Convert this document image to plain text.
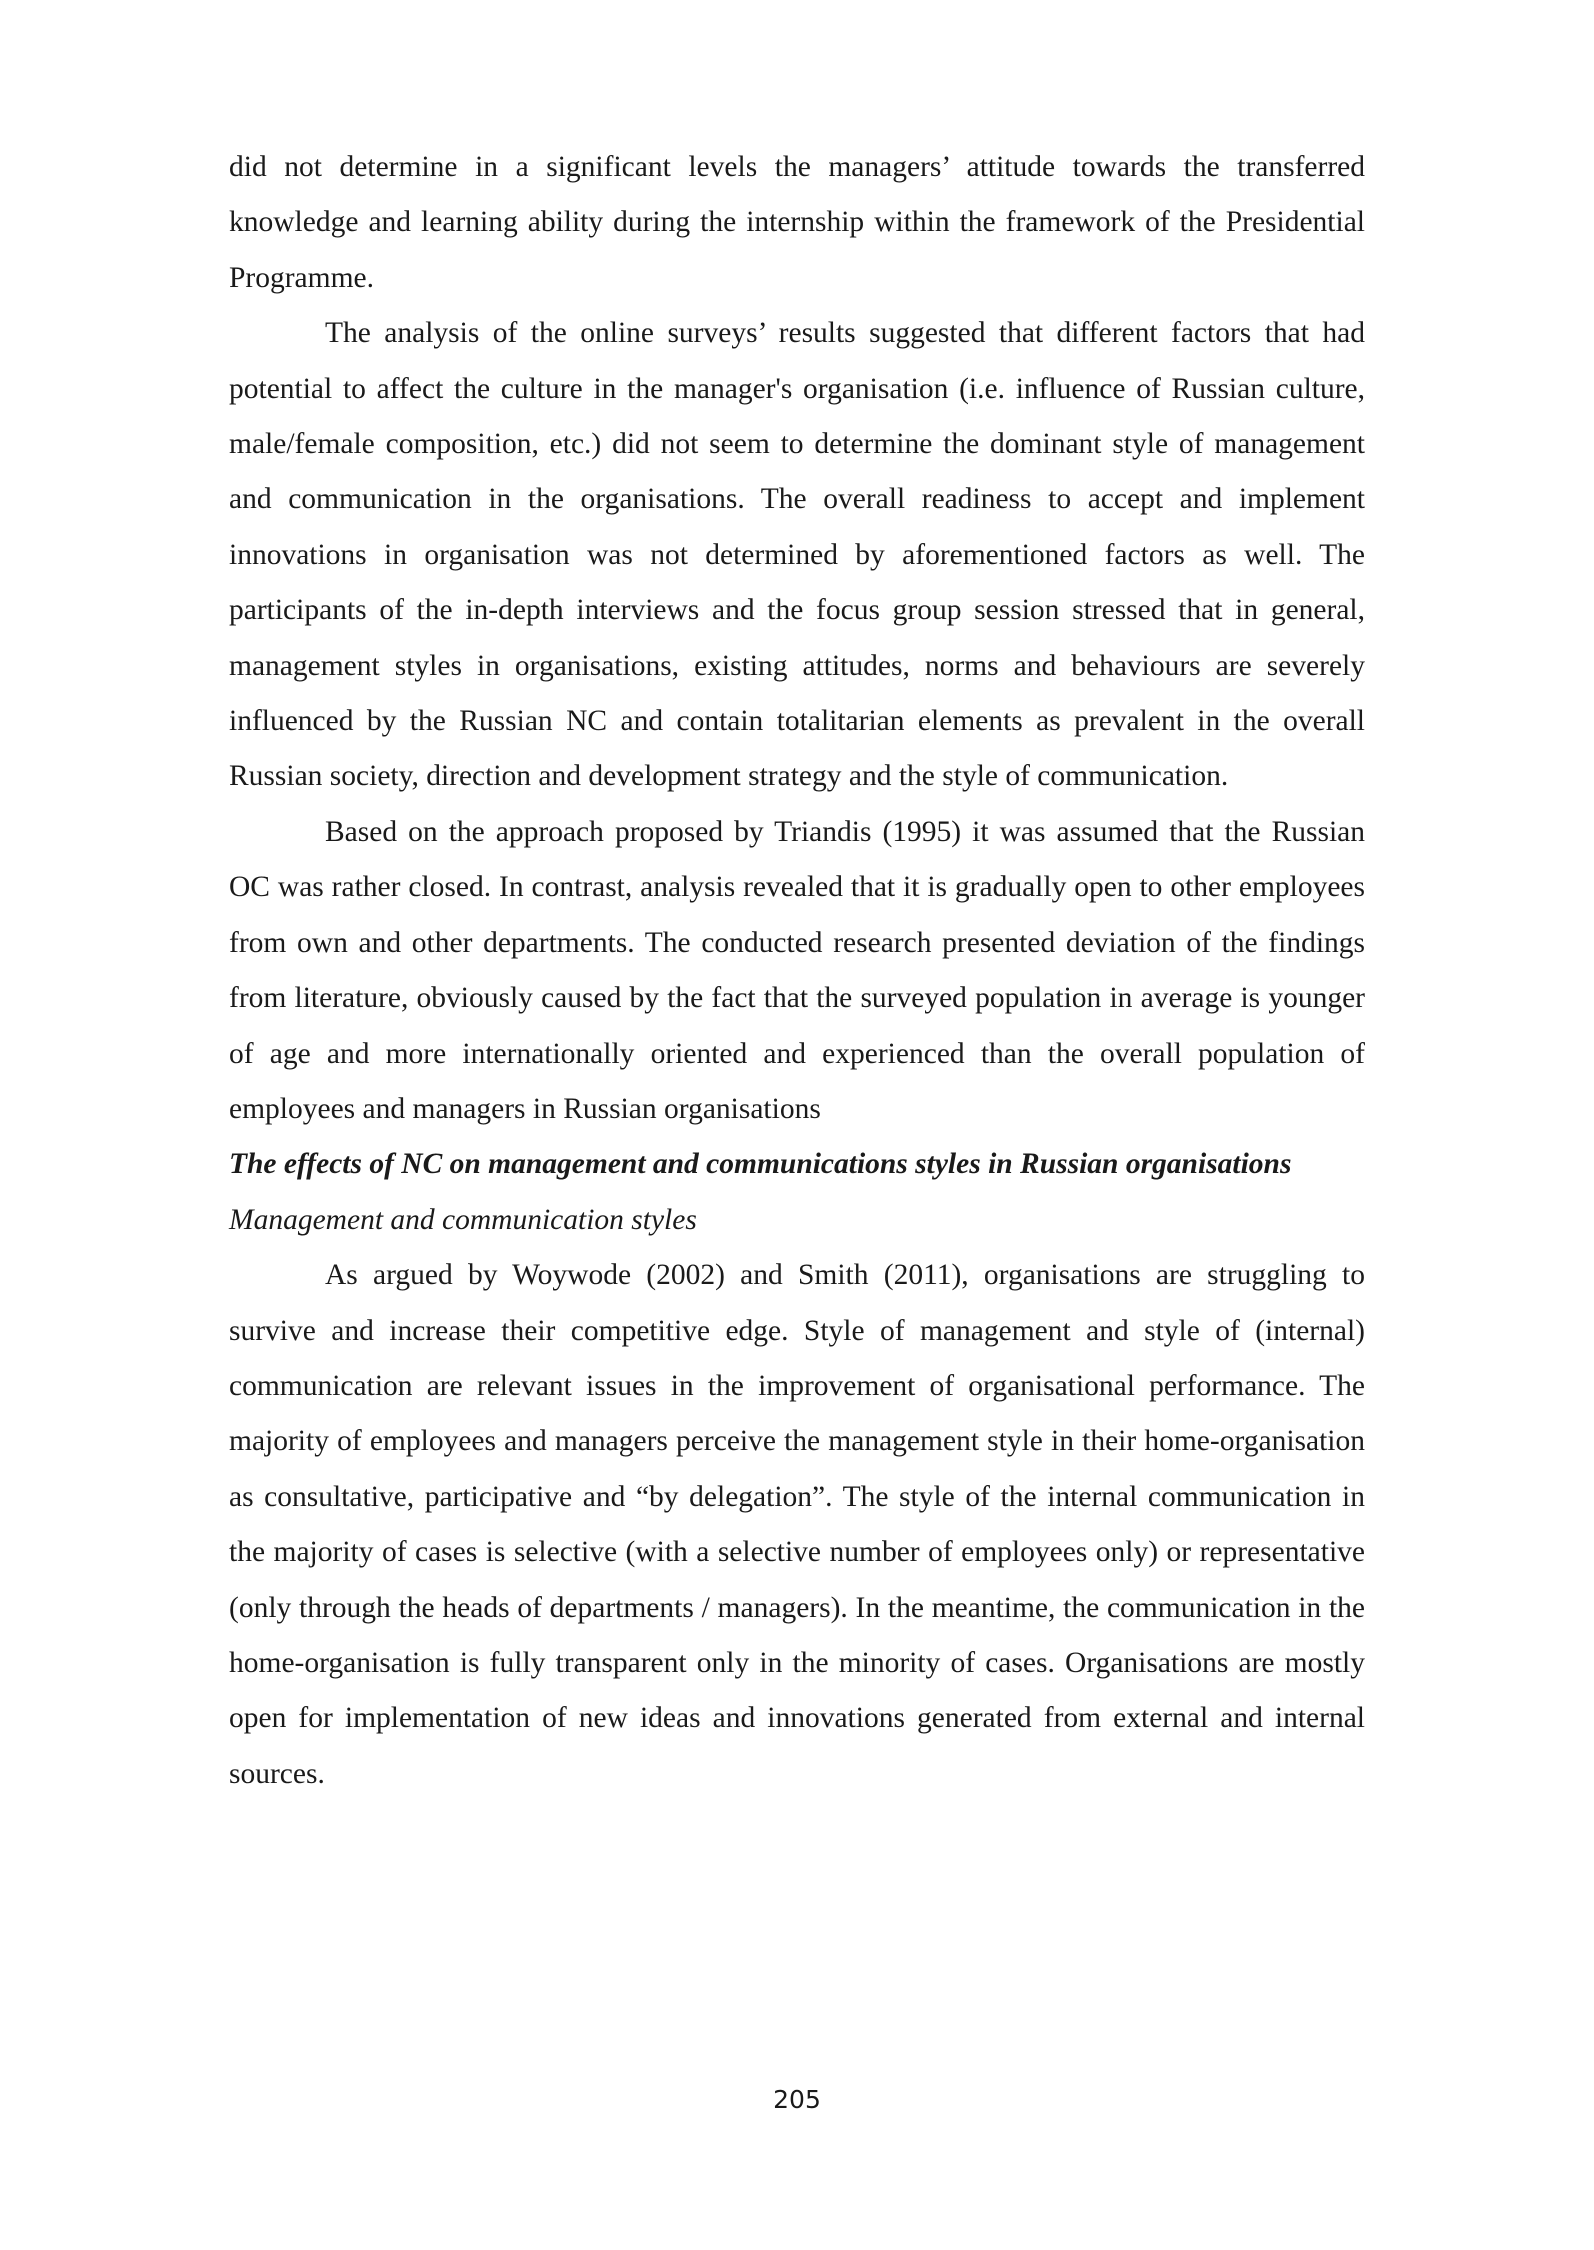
did not determine in a significant levels the managers’ attitude towards the transferred knowledge and learning ability during the internship within the framework of the Presidential Programme.

The analysis of the online surveys’ results suggested that different factors that had potential to affect the culture in the manager's organisation (i.e. influence of Russian culture, male/female composition, etc.) did not seem to determine the dominant style of management and communication in the organisations. The overall readiness to accept and implement innovations in organisation was not determined by aforementioned factors as well. The participants of the in-depth interviews and the focus group session stressed that in general, management styles in organisations, existing attitudes, norms and behaviours are severely influenced by the Russian NC and contain totalitarian elements as prevalent in the overall Russian society, direction and development strategy and the style of communication.

Based on the approach proposed by Triandis (1995) it was assumed that the Russian OC was rather closed. In contrast, analysis revealed that it is gradually open to other employees from own and other departments. The conducted research presented deviation of the findings from literature, obviously caused by the fact that the surveyed population in average is younger of age and more internationally oriented and experienced than the overall population of employees and managers in Russian organisations

The effects of NC on management and communications styles in Russian organisations

Management and communication styles

As argued by Woywode (2002) and Smith (2011), organisations are struggling to survive and increase their competitive edge. Style of management and style of (internal) communication are relevant issues in the improvement of organisational performance. The majority of employees and managers perceive the management style in their home-organisation as consultative, participative and “by delegation”. The style of the internal communication in the majority of cases is selective (with a selective number of employees only) or representative (only through the heads of departments / managers). In the meantime, the communication in the home-organisation is fully transparent only in the minority of cases. Organisations are mostly open for implementation of new ideas and innovations generated from external and internal sources.

205
